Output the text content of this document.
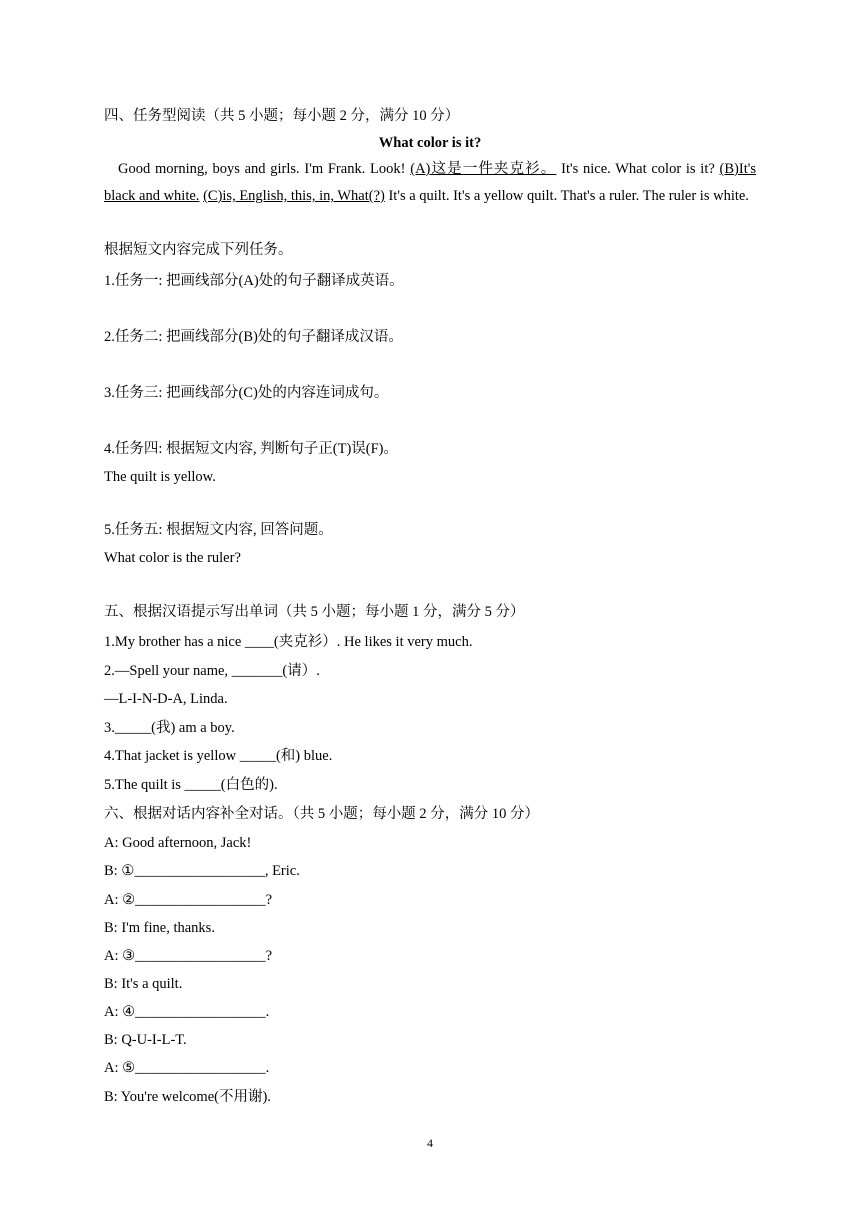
四、任务型阅读（共 5 小题；每小题 2 分，满分 10 分）
What color is it?
Good morning, boys and girls. I'm Frank. Look! (A)这是一件夹克衫。 It's nice. What color is it? (B)It's black and white. (C)is, English, this, in, What(?) It's a quilt. It's a yellow quilt. That's a ruler. The ruler is white.
根据短文内容完成下列任务。
1.任务一: 把画线部分(A)处的句子翻译成英语。
2.任务二: 把画线部分(B)处的句子翻译成汉语。
3.任务三: 把画线部分(C)处的内容连词成句。
4.任务四: 根据短文内容, 判断句子正(T)误(F)。
The quilt is yellow.
5.任务五: 根据短文内容, 回答问题。
What color is the ruler?
五、根据汉语提示写出单词（共 5 小题；每小题 1 分，满分 5 分）
1.My brother has a nice ____(夹克衫）. He likes it very much.
2.—Spell your name, _______(请）.
—L-I-N-D-A, Linda.
3._____(我) am a boy.
4.That jacket is yellow _____(和) blue.
5.The quilt is _____(白色的).
六、根据对话内容补全对话。（共 5 小题；每小题 2 分，满分 10 分）
A: Good afternoon, Jack!
B: ①__________________, Eric.
A: ②__________________?
B: I'm fine, thanks.
A: ③__________________?
B: It's a quilt.
A: ④__________________.
B: Q-U-I-L-T.
A: ⑤__________________.
B: You're welcome(不用谢).
4
